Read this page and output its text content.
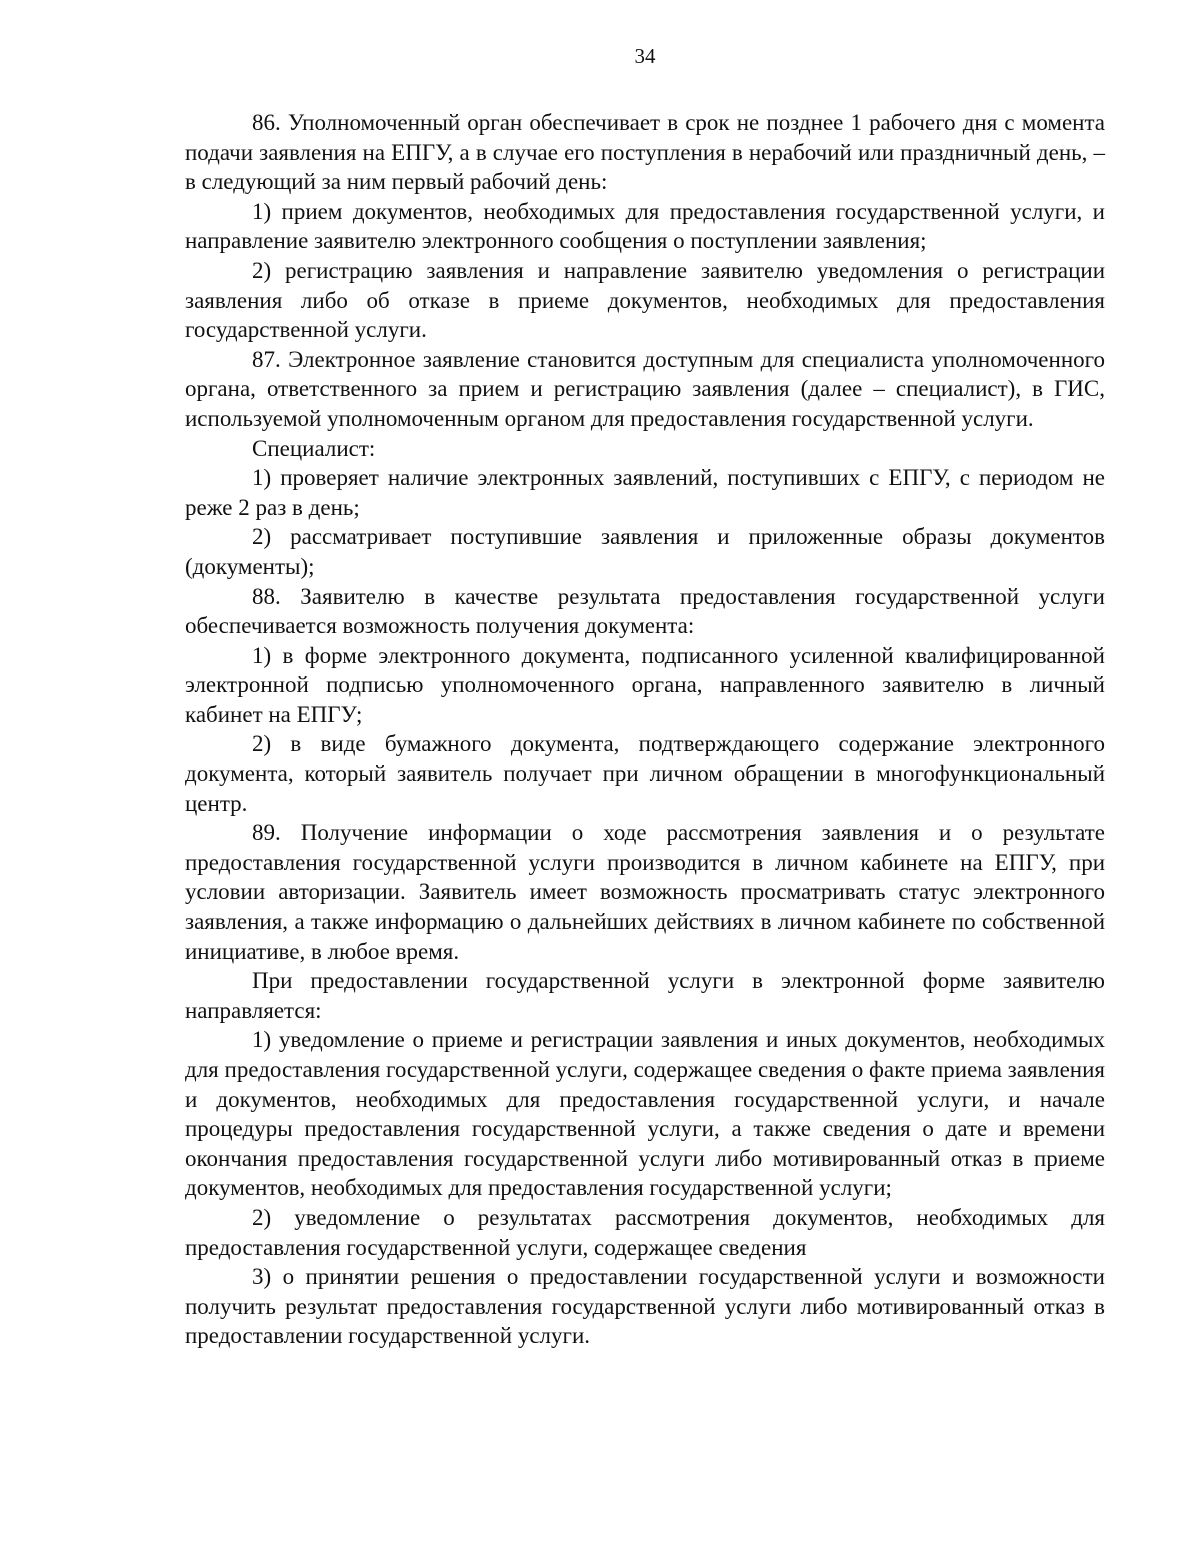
34

86. Уполномоченный орган обеспечивает в срок не позднее 1 рабочего дня с момента подачи заявления на ЕПГУ, а в случае его поступления в нерабочий или праздничный день, – в следующий за ним первый рабочий день:

1) прием документов, необходимых для предоставления государственной услуги, и направление заявителю электронного сообщения о поступлении заявления;

2) регистрацию заявления и направление заявителю уведомления о регистрации заявления либо об отказе в приеме документов, необходимых для предоставления государственной услуги.

87. Электронное заявление становится доступным для специалиста уполномоченного органа, ответственного за прием и регистрацию заявления (далее – специалист), в ГИС, используемой уполномоченным органом для предоставления государственной услуги.

Специалист:

1) проверяет наличие электронных заявлений, поступивших с ЕПГУ, с периодом не реже 2 раз в день;

2) рассматривает поступившие заявления и приложенные образы документов (документы);

88. Заявителю в качестве результата предоставления государственной услуги обеспечивается возможность получения документа:

1) в форме электронного документа, подписанного усиленной квалифицированной электронной подписью уполномоченного органа, направленного заявителю в личный кабинет на ЕПГУ;

2) в виде бумажного документа, подтверждающего содержание электронного документа, который заявитель получает при личном обращении в многофункциональный центр.

89. Получение информации о ходе рассмотрения заявления и о результате предоставления государственной услуги производится в личном кабинете на ЕПГУ, при условии авторизации. Заявитель имеет возможность просматривать статус электронного заявления, а также информацию о дальнейших действиях в личном кабинете по собственной инициативе, в любое время.

При предоставлении государственной услуги в электронной форме заявителю направляется:

1) уведомление о приеме и регистрации заявления и иных документов, необходимых для предоставления государственной услуги, содержащее сведения о факте приема заявления и документов, необходимых для предоставления государственной услуги, и начале процедуры предоставления государственной услуги, а также сведения о дате и времени окончания предоставления государственной услуги либо мотивированный отказ в приеме документов, необходимых для предоставления государственной услуги;

2) уведомление о результатах рассмотрения документов, необходимых для предоставления государственной услуги, содержащее сведения

3) о принятии решения о предоставлении государственной услуги и возможности получить результат предоставления государственной услуги либо мотивированный отказ в предоставлении государственной услуги.
